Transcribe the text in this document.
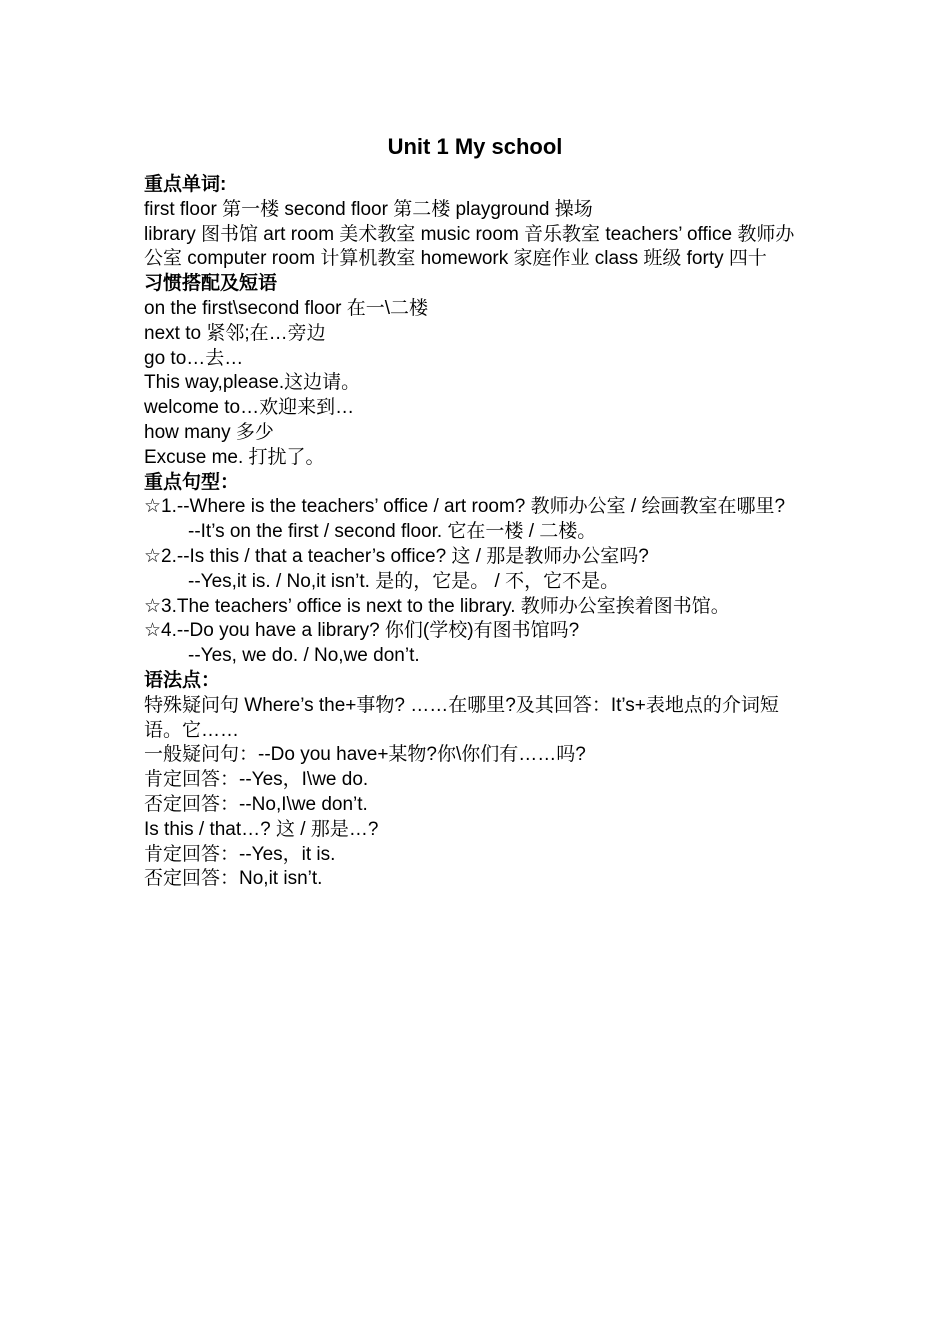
Unit 1 My school
重点单词:
first floor 第一楼 second floor 第二楼 playground 操场
library 图书馆 art room 美术教室 music room 音乐教室 teachers’ office 教师办公室 computer room 计算机教室 homework 家庭作业 class 班级 forty 四十
习惯搭配及短语
on the first\second floor 在一\二楼
next to 紧邻;在…旁边
go to…去…
This way,please.这边请。
welcome to…欢迎来到…
how many 多少
Excuse me. 打扰了。
重点句型：
☆1.--Where is the teachers’ office / art room? 教师办公室 / 绘画教室在哪里?
--It’s on the first / second floor. 它在一楼 / 二楼。
☆2.--Is this / that a teacher’s office? 这 / 那是教师办公室吗?
--Yes,it is. / No,it isn’t. 是的，它是。 / 不，它不是。
☆3.The teachers’ office is next to the library. 教师办公室挨着图书馆。
☆4.--Do you have a library? 你们(学校)有图书馆吗?
--Yes, we do. / No,we don’t.
语法点：
特殊疑问句 Where’s the+事物? ……在哪里?及其回答：It’s+表地点的介词短语。它……
一般疑问句：--Do you have+某物?你\你们有……吗?
肯定回答：--Yes，I\we do.
否定回答：--No,I\we don’t.
Is this / that…? 这 / 那是…?
肯定回答：--Yes，it is.
否定回答：No,it isn’t.
